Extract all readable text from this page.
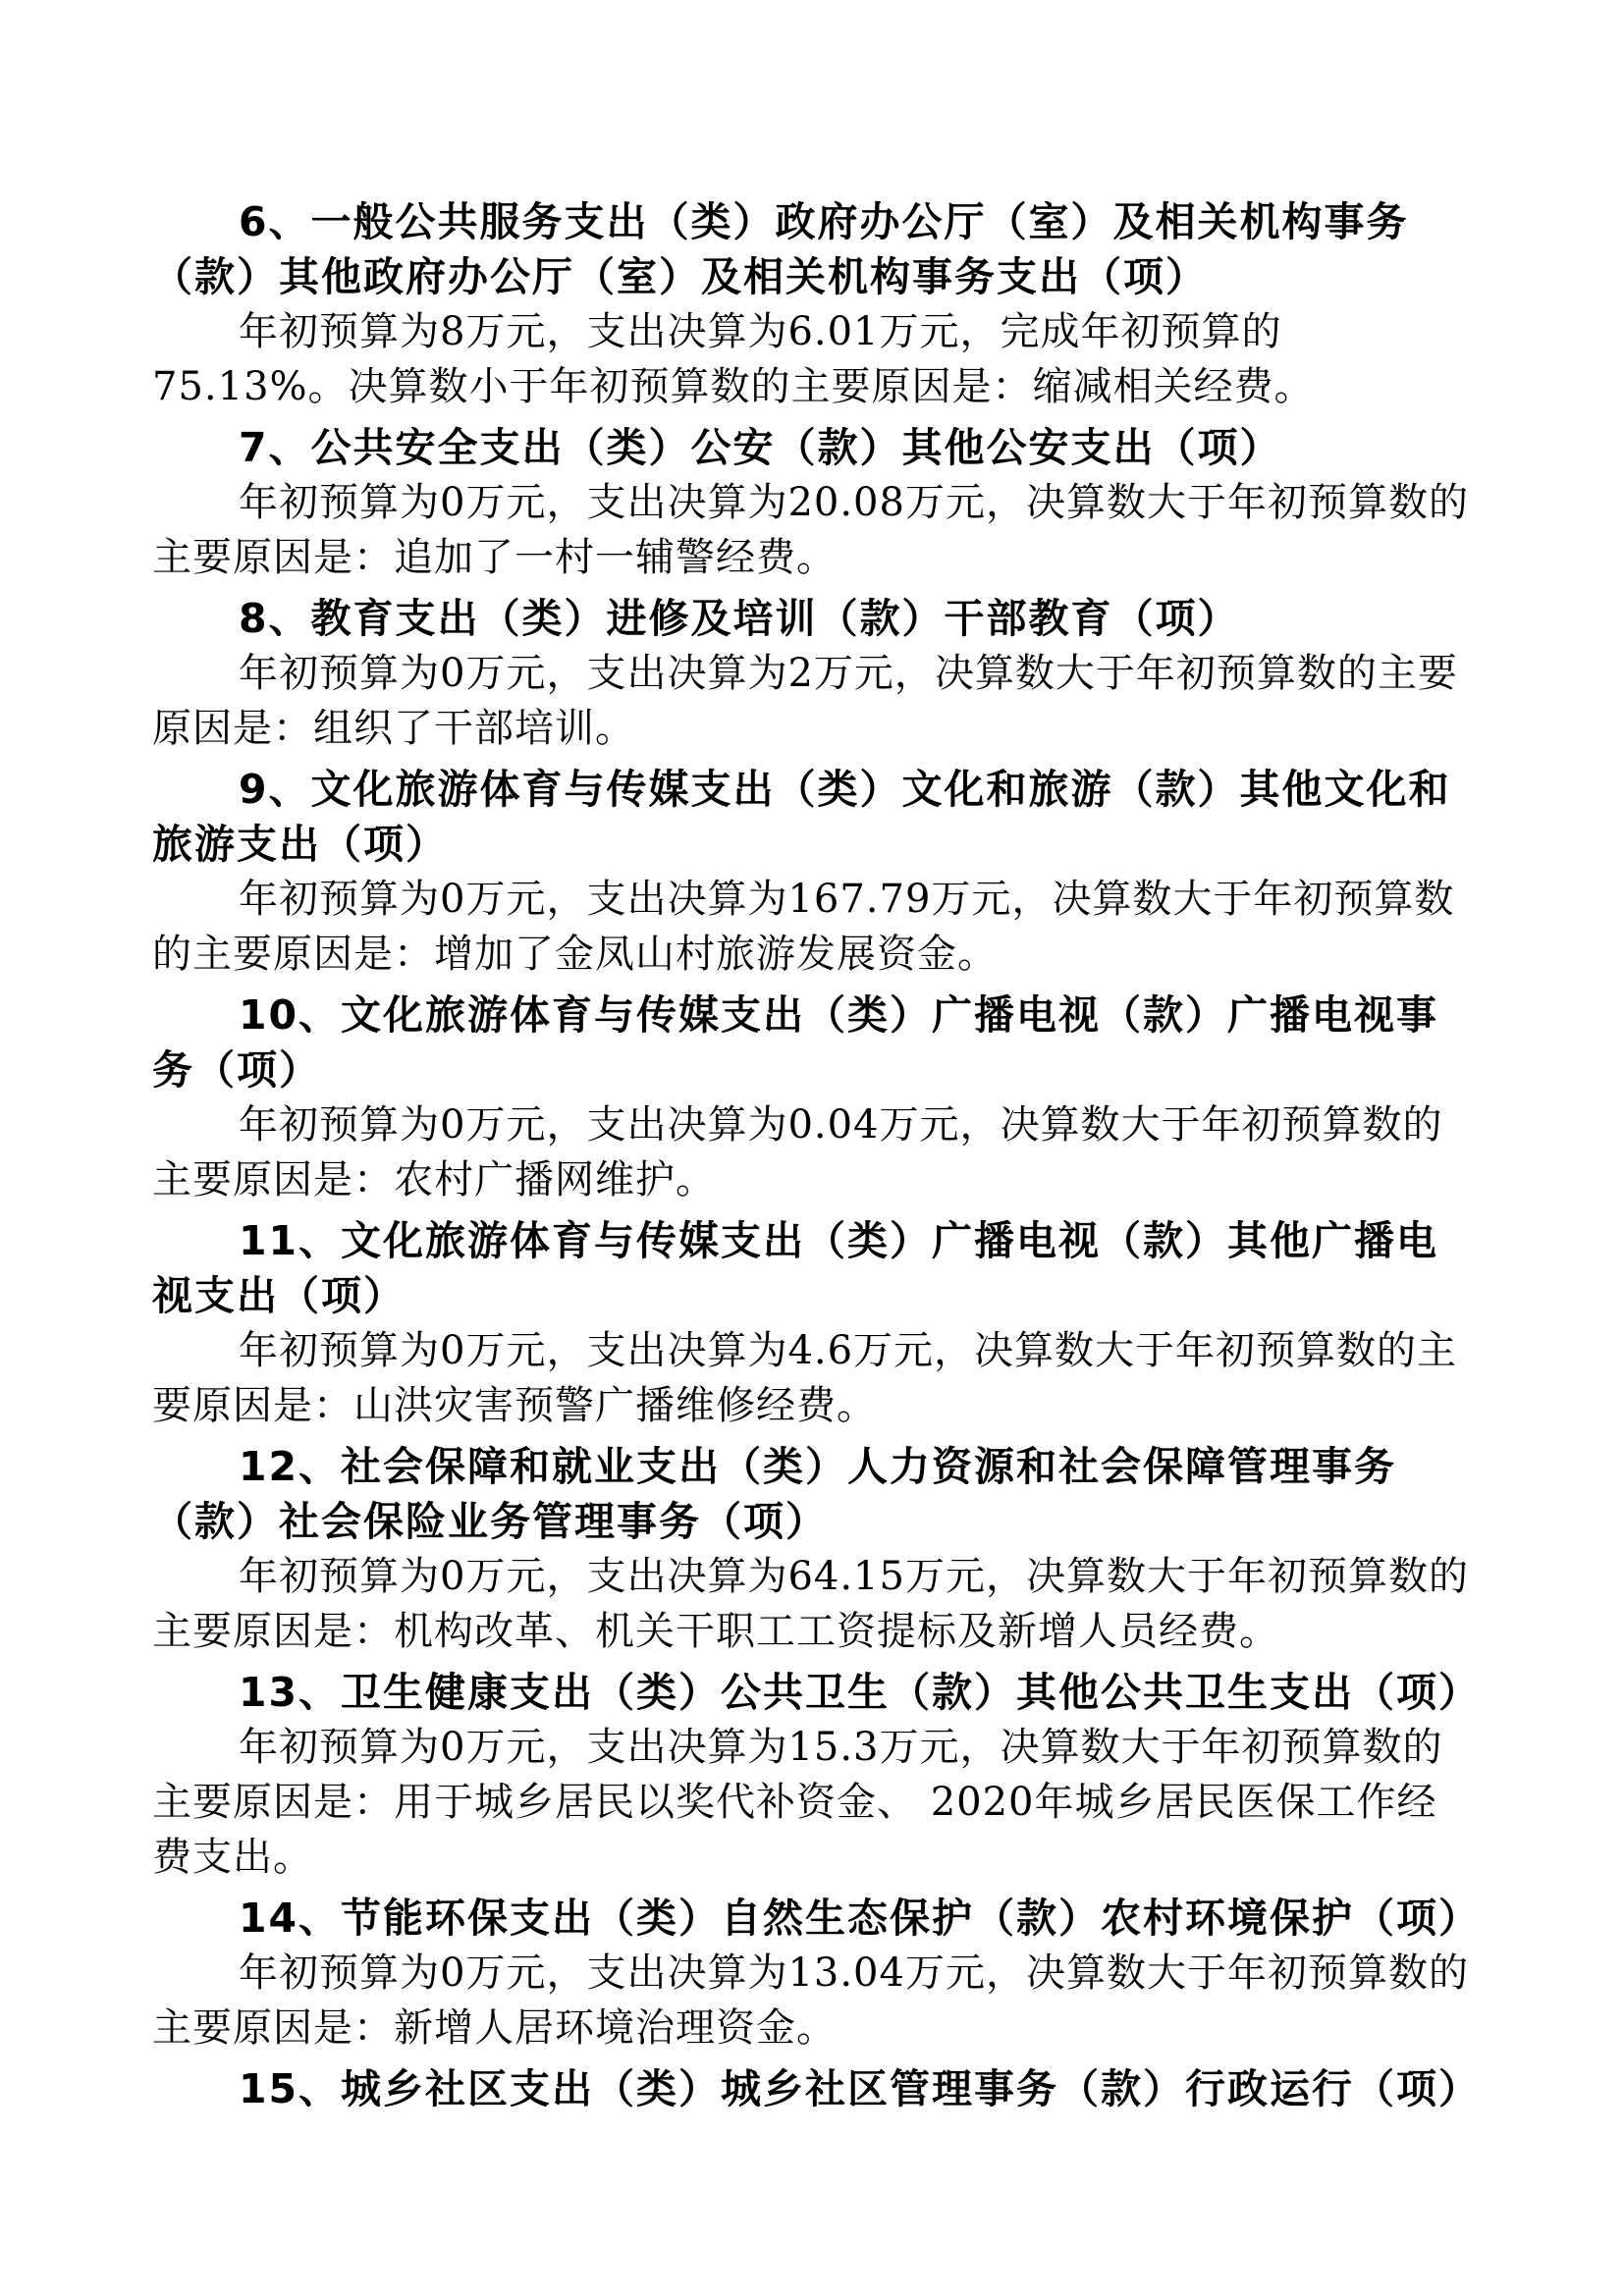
6、一般公共服务支出（类）政府办公厅（室）及相关机构事务（款）其他政府办公厅（室）及相关机构事务支出（项）

年初预算为8万元，支出决算为6.01万元，完成年初预算的75.13%。决算数小于年初预算数的主要原因是：缩减相关经费。

7、公共安全支出（类）公安（款）其他公安支出（项）

年初预算为0万元，支出决算为20.08万元，决算数大于年初预算数的主要原因是：追加了一村一辅警经费。

8、教育支出（类）进修及培训（款）干部教育（项）

年初预算为0万元，支出决算为2万元，决算数大于年初预算数的主要原因是：组织了干部培训。

9、文化旅游体育与传媒支出（类）文化和旅游（款）其他文化和旅游支出（项）

年初预算为0万元，支出决算为167.79万元，决算数大于年初预算数的主要原因是：增加了金凤山村旅游发展资金。

10、文化旅游体育与传媒支出（类）广播电视（款）广播电视事务（项）

年初预算为0万元，支出决算为0.04万元，决算数大于年初预算数的主要原因是：农村广播网维护。

11、文化旅游体育与传媒支出（类）广播电视（款）其他广播电视支出（项）

年初预算为0万元，支出决算为4.6万元，决算数大于年初预算数的主要原因是：山洪灾害预警广播维修经费。

12、社会保障和就业支出（类）人力资源和社会保障管理事务（款）社会保险业务管理事务（项）

年初预算为0万元，支出决算为64.15万元，决算数大于年初预算数的主要原因是：机构改革、机关干职工工资提标及新增人员经费。

13、卫生健康支出（类）公共卫生（款）其他公共卫生支出（项）

年初预算为0万元，支出决算为15.3万元，决算数大于年初预算数的主要原因是：用于城乡居民以奖代补资金、 2020年城乡居民医保工作经费支出。

14、节能环保支出（类）自然生态保护（款）农村环境保护（项）

年初预算为0万元，支出决算为13.04万元，决算数大于年初预算数的主要原因是：新增人居环境治理资金。

15、城乡社区支出（类）城乡社区管理事务（款）行政运行（项）
